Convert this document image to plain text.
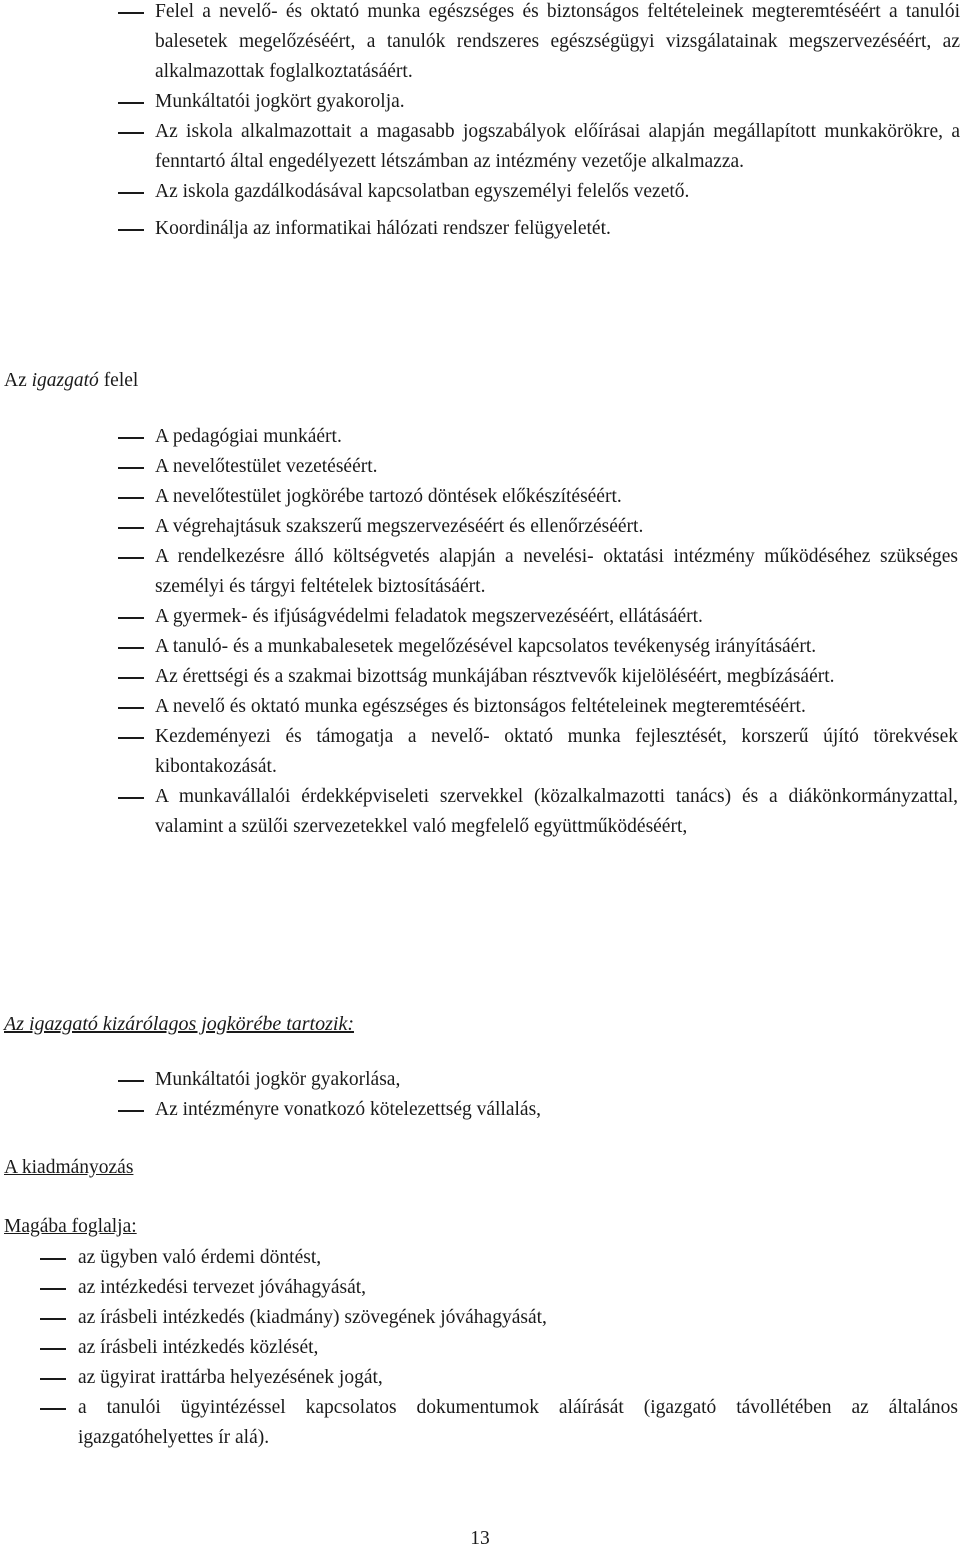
Felel a nevelő- és oktató munka egészséges és biztonságos feltételeinek megteremtéséért a tanulói balesetek megelőzéséért, a tanulók rendszeres egészségügyi vizsgálatainak megszervezéséért, az alkalmazottak foglalkoztatásáért.
Munkáltatói jogkört gyakorolja.
Az iskola alkalmazottait a magasabb jogszabályok előírásai alapján megállapított munkakörökre, a fenntartó által engedélyezett létszámban az intézmény vezetője alkalmazza.
Az iskola gazdálkodásával kapcsolatban egyszemélyi felelős vezető.
Koordinálja az informatikai hálózati rendszer felügyeletét.
Az igazgató felel
A pedagógiai munkáért.
A nevelőtestület vezetéséért.
A nevelőtestület jogkörébe tartozó döntések előkészítéséért.
A végrehajtásuk szakszerű megszervezéséért és ellenőrzéséért.
A rendelkezésre álló költségvetés alapján a nevelési- oktatási intézmény működéséhez szükséges személyi és tárgyi feltételek biztosításáért.
A gyermek- és ifjúságvédelmi feladatok megszervezéséért, ellátásáért.
A tanuló- és a munkabalesetek megelőzésével kapcsolatos tevékenység irányításáért.
Az érettségi és a szakmai bizottság munkájában résztvevők kijelöléséért, megbízásáért.
A nevelő és oktató munka egészséges és biztonságos feltételeinek megteremtéséért.
Kezdeményezi és támogatja a nevelő- oktató munka fejlesztését, korszerű újító törekvések kibontakozását.
A munkavállalói érdekképviseleti szervekkel (közalkalmazotti tanács) és a diákönkormányzattal, valamint a szülői szervezetekkel való megfelelő együttműködéséért,
Az igazgató kizárólagos jogkörébe tartozik:
Munkáltatói jogkör gyakorlása,
Az intézményre vonatkozó kötelezettség vállalás,
A kiadmányozás
Magába foglalja:
az ügyben való érdemi döntést,
az intézkedési tervezet jóváhagyását,
az írásbeli intézkedés (kiadmány) szövegének jóváhagyását,
az írásbeli intézkedés közlését,
az ügyirat irattárba helyezésének jogát,
a tanulói ügyintézéssel kapcsolatos dokumentumok aláírását (igazgató távollétében az általános igazgatóhelyettes ír alá).
13
